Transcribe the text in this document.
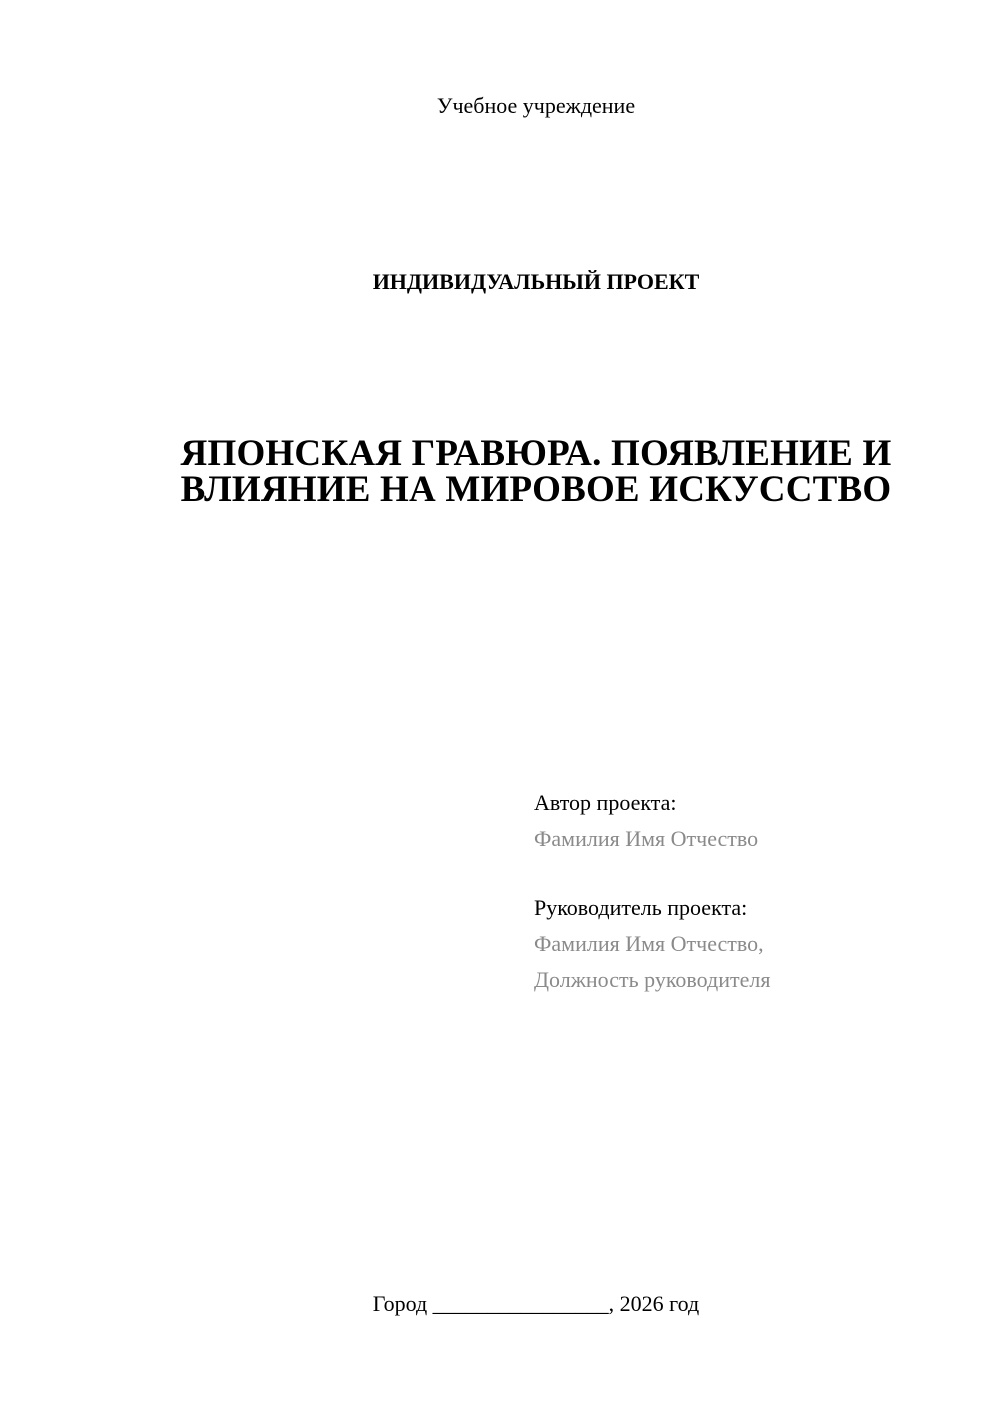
Учебное учреждение
ИНДИВИДУАЛЬНЫЙ ПРОЕКТ
ЯПОНСКАЯ ГРАВЮРА. ПОЯВЛЕНИЕ И
ВЛИЯНИЕ НА МИРОВОЕ ИСКУССТВО
Автор проекта:
Фамилия Имя Отчество
Руководитель проекта:
Фамилия Имя Отчество,
Должность руководителя
Город ________________, 2026 год
